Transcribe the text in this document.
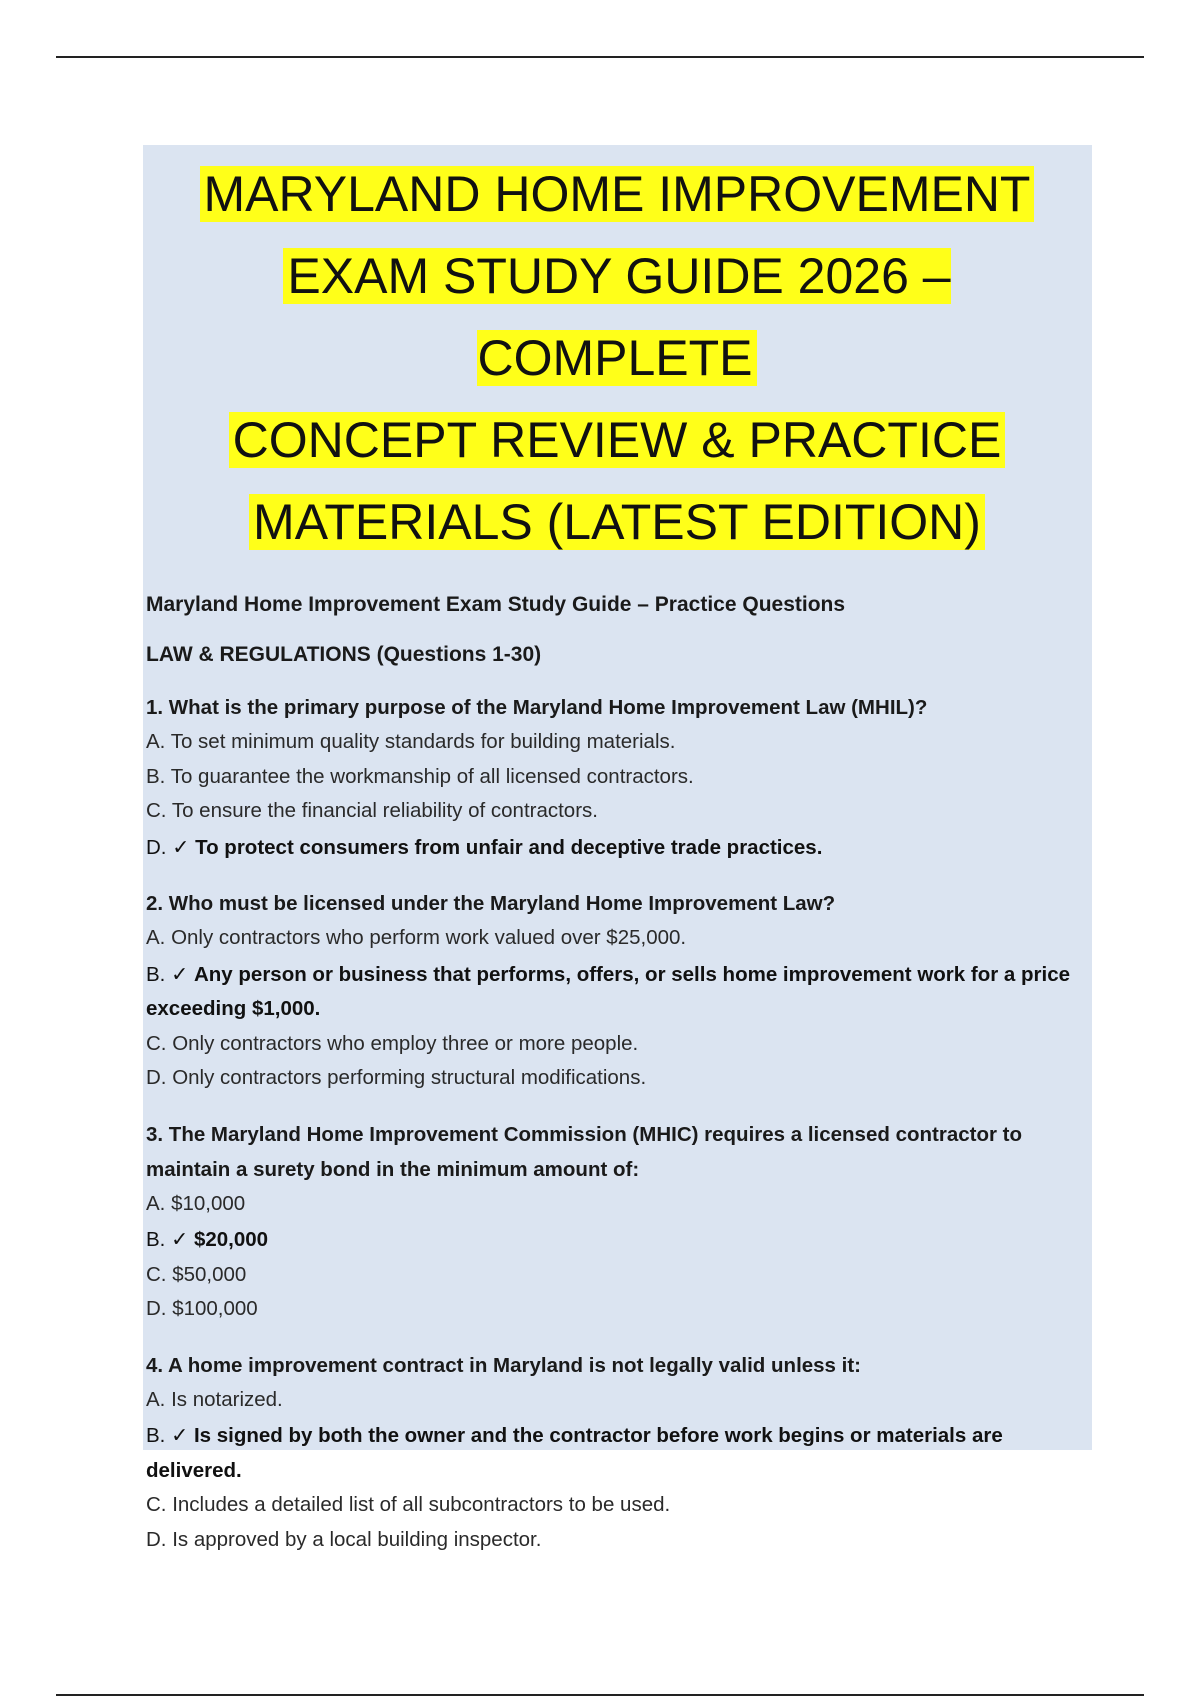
MARYLAND HOME IMPROVEMENT
EXAM STUDY GUIDE 2026 – COMPLETE
CONCEPT REVIEW & PRACTICE
MATERIALS (LATEST EDITION)
Maryland Home Improvement Exam Study Guide – Practice Questions
LAW & REGULATIONS (Questions 1-30)
1. What is the primary purpose of the Maryland Home Improvement Law (MHIL)?
A. To set minimum quality standards for building materials.
B. To guarantee the workmanship of all licensed contractors.
C. To ensure the financial reliability of contractors.
D. ✓ To protect consumers from unfair and deceptive trade practices.
2. Who must be licensed under the Maryland Home Improvement Law?
A. Only contractors who perform work valued over $25,000.
B. ✓ Any person or business that performs, offers, or sells home improvement work for a price exceeding $1,000.
C. Only contractors who employ three or more people.
D. Only contractors performing structural modifications.
3. The Maryland Home Improvement Commission (MHIC) requires a licensed contractor to maintain a surety bond in the minimum amount of:
A. $10,000
B. ✓ $20,000
C. $50,000
D. $100,000
4. A home improvement contract in Maryland is not legally valid unless it:
A. Is notarized.
B. ✓ Is signed by both the owner and the contractor before work begins or materials are delivered.
C. Includes a detailed list of all subcontractors to be used.
D. Is approved by a local building inspector.
